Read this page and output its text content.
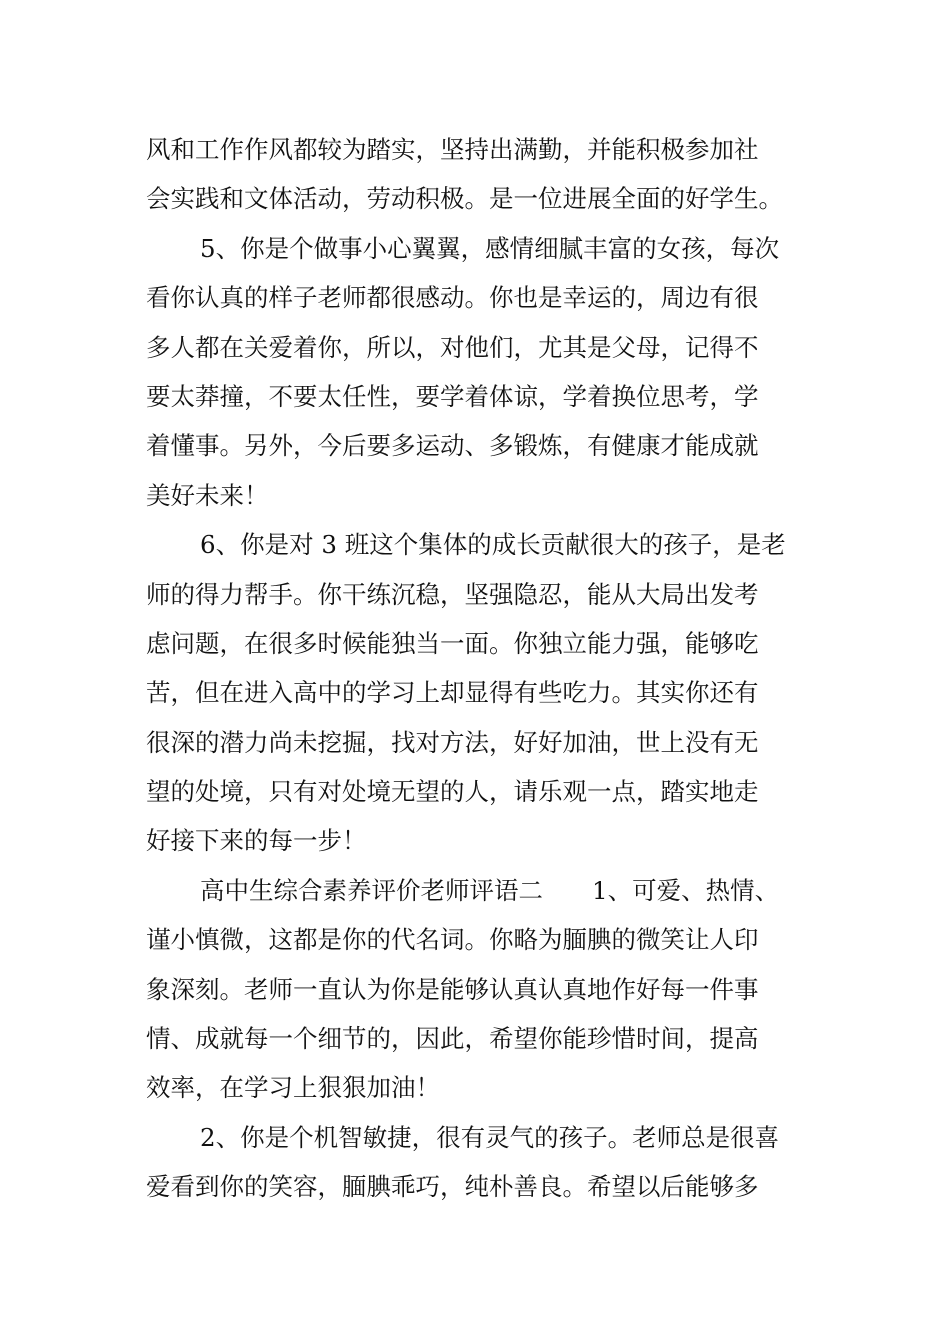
风和工作作风都较为踏实，坚持出满勤，并能积极参加社
会实践和文体活动，劳动积极。是一位进展全面的好学生。
5、你是个做事小心翼翼，感情细腻丰富的女孩，每次
看你认真的样子老师都很感动。你也是幸运的，周边有很
多人都在关爱着你，所以，对他们，尤其是父母，记得不
要太莽撞，不要太任性，要学着体谅，学着换位思考，学
着懂事。另外，今后要多运动、多锻炼，有健康才能成就
美好未来！
6、你是对 3 班这个集体的成长贡献很大的孩子，是老
师的得力帮手。你干练沉稳，坚强隐忍，能从大局出发考
虑问题，在很多时候能独当一面。你独立能力强，能够吃
苦，但在进入高中的学习上却显得有些吃力。其实你还有
很深的潜力尚未挖掘，找对方法，好好加油，世上没有无
望的处境，只有对处境无望的人，请乐观一点，踏实地走
好接下来的每一步！
高中生综合素养评价老师评语二　　1、可爱、热情、
谨小慎微，这都是你的代名词。你略为腼腆的微笑让人印
象深刻。老师一直认为你是能够认真认真地作好每一件事
情、成就每一个细节的，因此，希望你能珍惜时间，提高
效率，在学习上狠狠加油！
2、你是个机智敏捷，很有灵气的孩子。老师总是很喜
爱看到你的笑容，腼腆乖巧，纯朴善良。希望以后能够多
